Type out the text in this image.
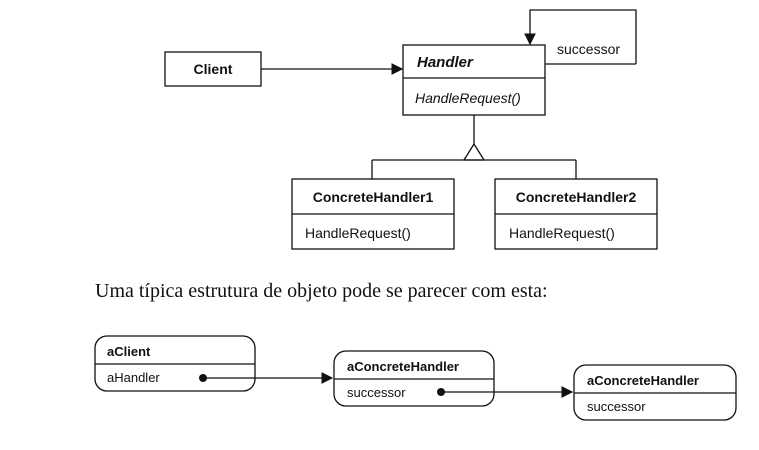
Client	Handler
HandleRequest()
successor
ConcreteHandler1
HandleRequest()
ConcreteHandler2
HandleRequest()
Uma típica estrutura de objeto pode se parecer com esta:
aClient
aHandler
aConcreteHandler
successor
aConcreteHandler
successor
